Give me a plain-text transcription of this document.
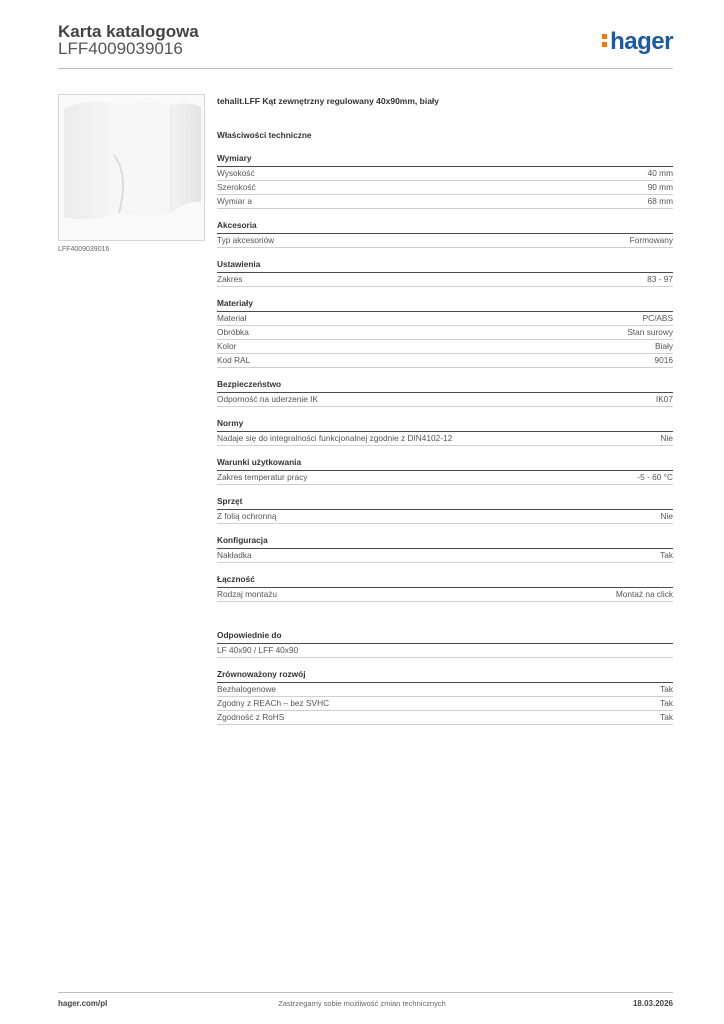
Karta katalogowa
LFF4009039016	hager
LFF4009039016
tehalit.LFF Kąt zewnętrzny regulowany 40x90mm, biały
Właściwości techniczne
Wymiary
Wysokość	40 mm
Szerokość	90 mm
Wymiar a	68 mm
Akcesoria
Typ akcesoriów	Formowany
Ustawienia
Zakres	83 - 97
Materiały
Materiał	PC/ABS
Obróbka	Stan surowy
Kolor	Biały
Kod RAL	9016
Bezpieczeństwo
Odporność na uderzenie IK	IK07
Normy
Nadaje się do integralności funkcjonalnej zgodnie z DIN4102-12	Nie
Warunki użytkowania
Zakres temperatur pracy	-5 - 60 °C
Sprzęt
Z folią ochronną	Nie
Konfiguracja
Nakładka	Tak
Łączność
Rodzaj montażu	Montaż na click
Odpowiednie do
LF 40x90 / LFF 40x90
Zrównoważony rozwój
Bezhalogenowe	Tak
Zgodny z REACh – bez SVHC	Tak
Zgodność z RoHS	Tak
hager.com/pl	Zastrzegamy sobie możliwość zmian technicznych	18.03.2026
